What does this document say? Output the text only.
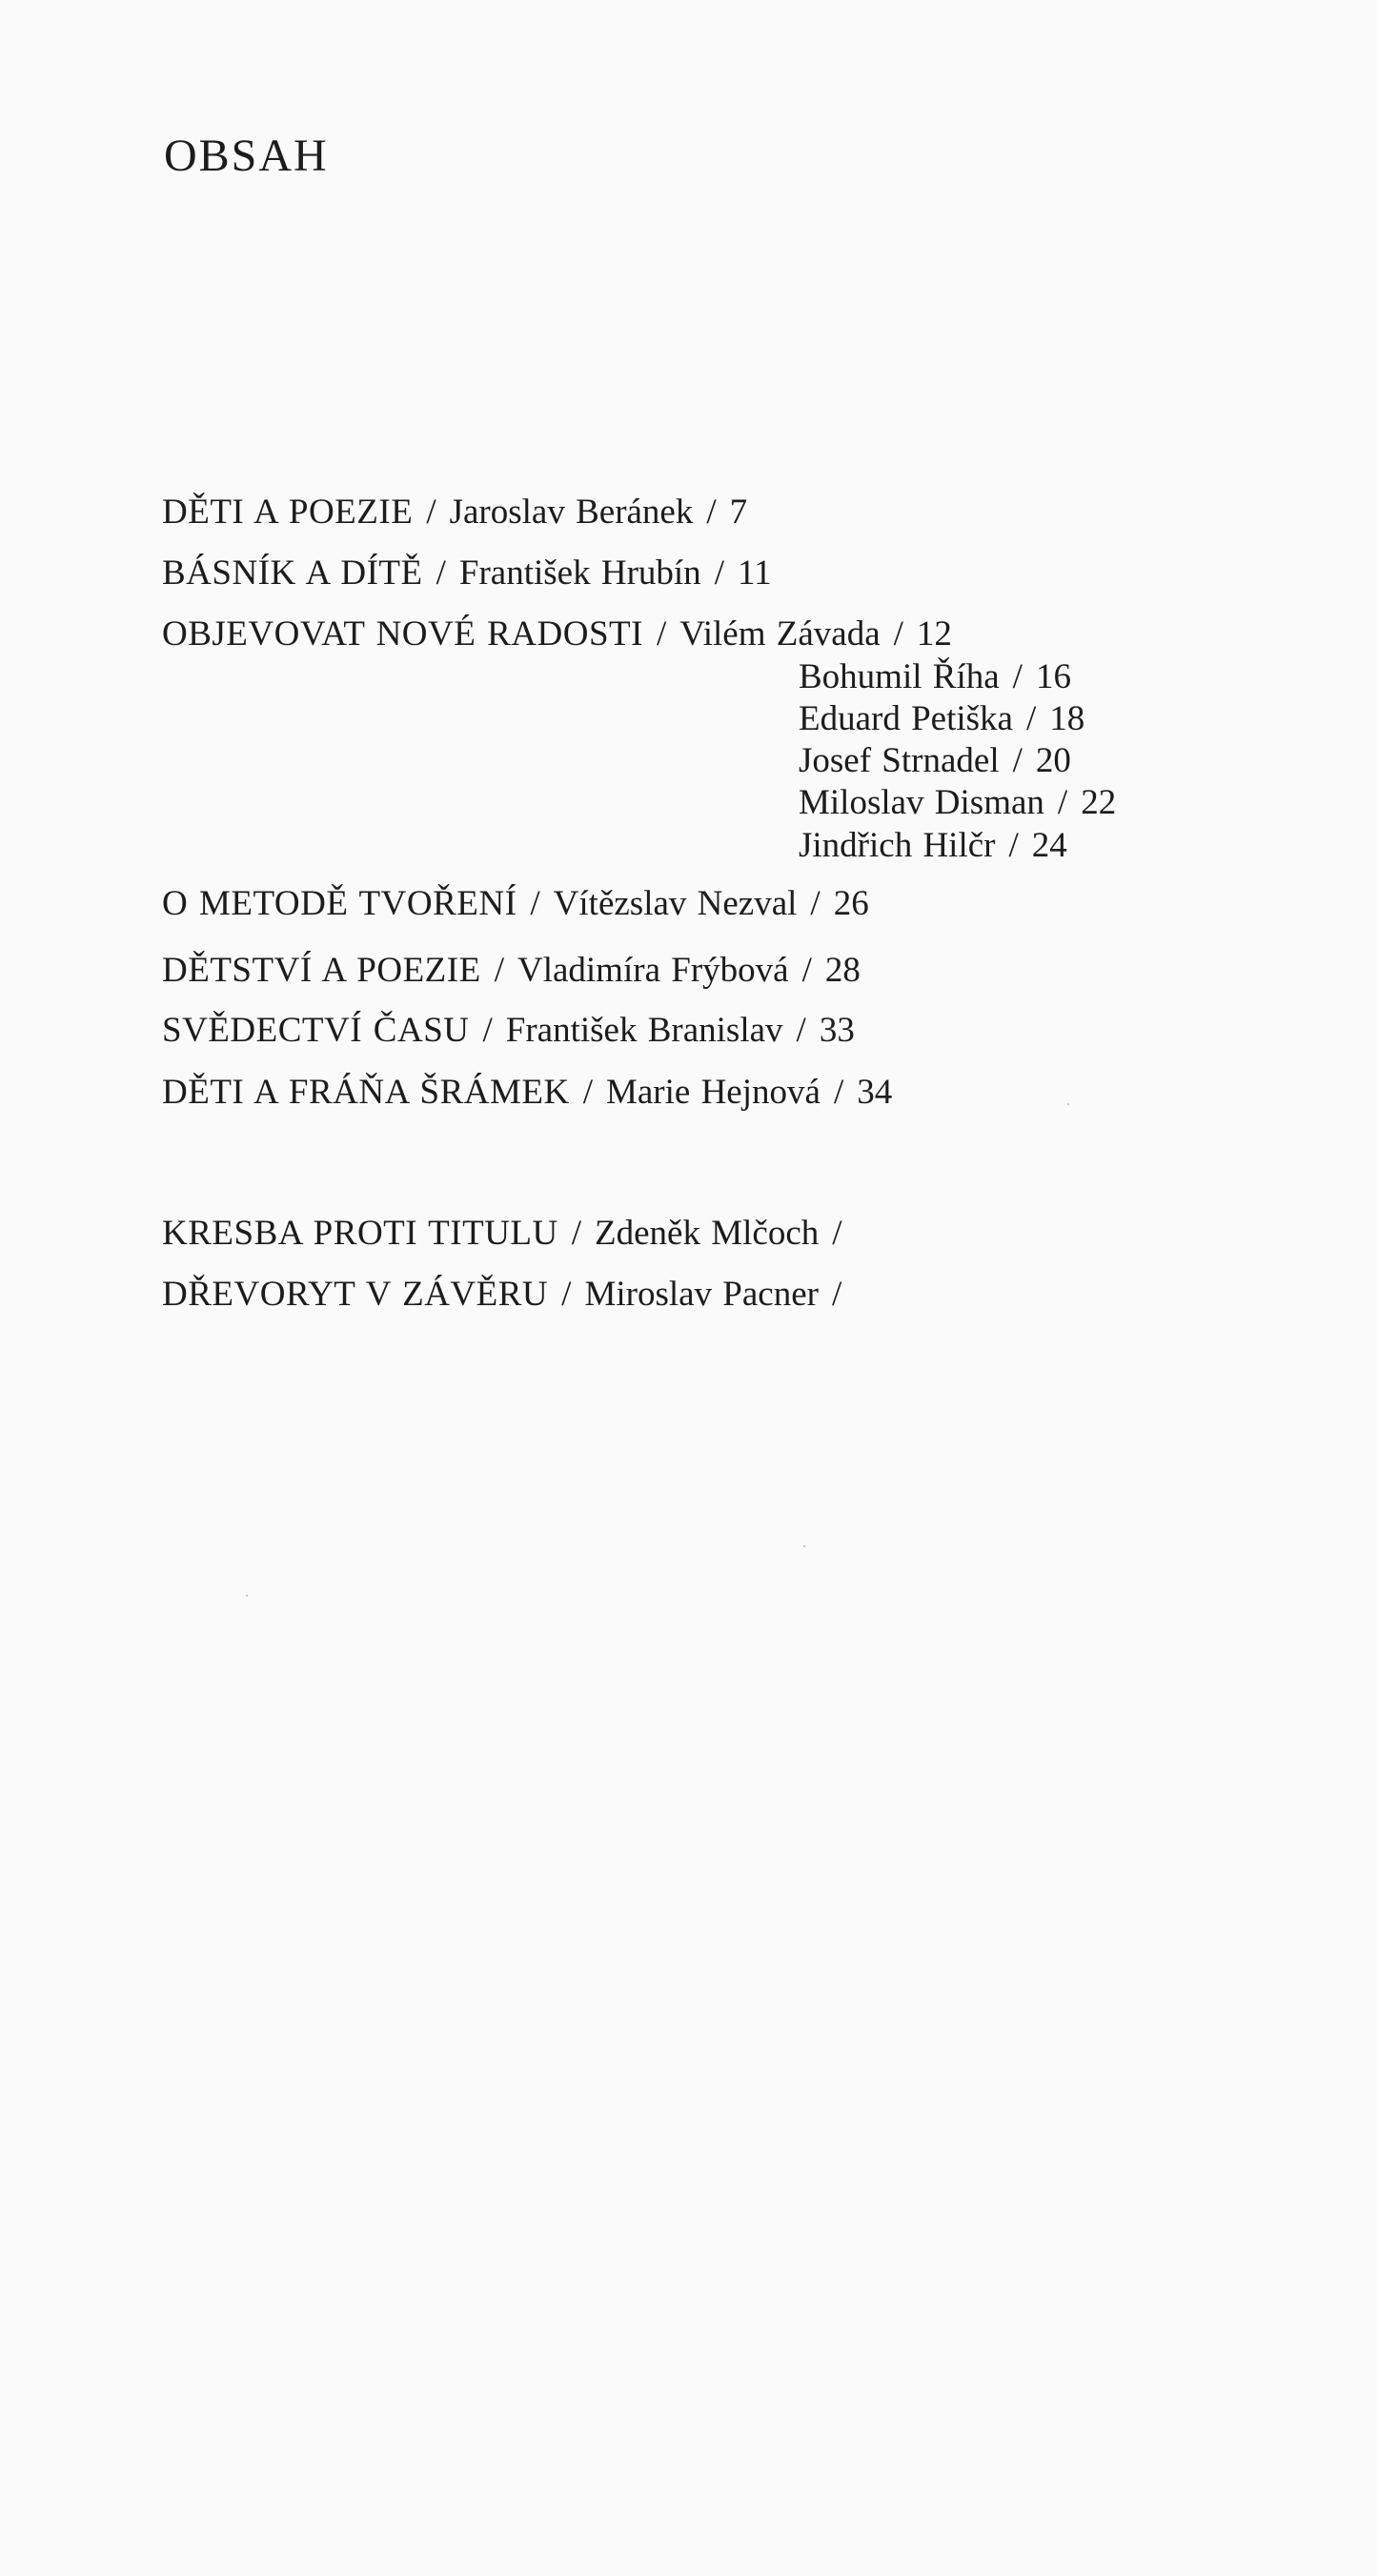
OBSAH
DĚTI A POEZIE / Jaroslav Beránek / 7
BÁSNÍK A DÍTĚ / František Hrubín / 11
OBJEVOVAT NOVÉ RADOSTI / Vilém Závada / 12
Bohumil Říha / 16
Eduard Petiška / 18
Josef Strnadel / 20
Miloslav Disman / 22
Jindřich Hilčr / 24
O METODĚ TVOŘENÍ / Vítězslav Nezval / 26
DĚTSTVÍ A POEZIE / Vladimíra Frýbová / 28
SVĚDECTVÍ ČASU / František Branislav / 33
DĚTI A FRÁŇA ŠRÁMEK / Marie Hejnová / 34
KRESBA PROTI TITULU / Zdeněk Mlčoch /
DŘEVORYT V ZÁVĚRU / Miroslav Pacner /
